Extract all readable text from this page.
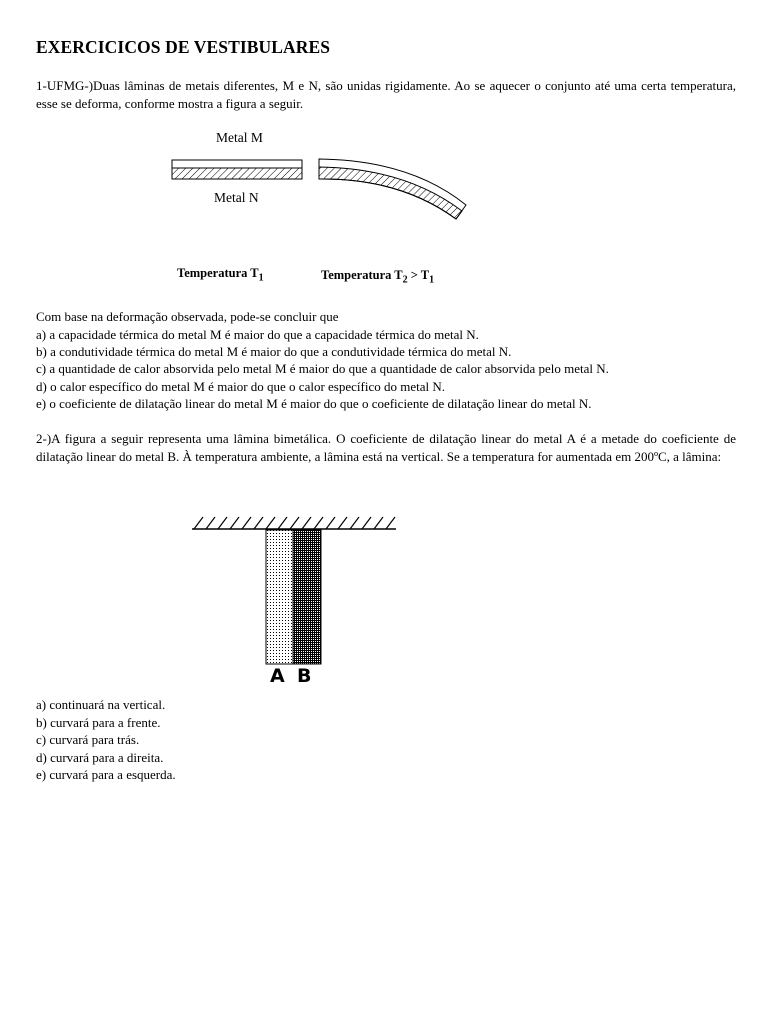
EXERCICICOS DE VESTIBULARES
1-UFMG-)Duas lâminas de metais diferentes, M e N, são unidas rigidamente. Ao se aquecer o conjunto até uma certa temperatura, esse se deforma, conforme mostra a figura a seguir.
Metal M
Metal N
Temperatura $T_1$	Temperatura $T_2 > T_1$
Com base na deformação observada, pode-se concluir que
a) a capacidade térmica do metal M é maior do que a capacidade térmica do metal N.
b) a condutividade térmica do metal M é maior do que a condutividade térmica do metal N.
c) a quantidade de calor absorvida pelo metal M é maior do que a quantidade de calor absorvida pelo metal N.
d) o calor específico do metal M é maior do que o calor específico do metal N.
e) o coeficiente de dilatação linear do metal M é maior do que o coeficiente de dilatação linear do metal N.
2-)A figura a seguir representa uma lâmina bimetálica. O coeficiente de dilatação linear do metal A é a metade do coeficiente de dilatação linear do metal B. À temperatura ambiente, a lâmina está na vertical. Se a temperatura for aumentada em 200ºC, a lâmina:
A B
a) continuará na vertical.
b) curvará para a frente.
c) curvará para trás.
d) curvará para a direita.
e) curvará para a esquerda.
